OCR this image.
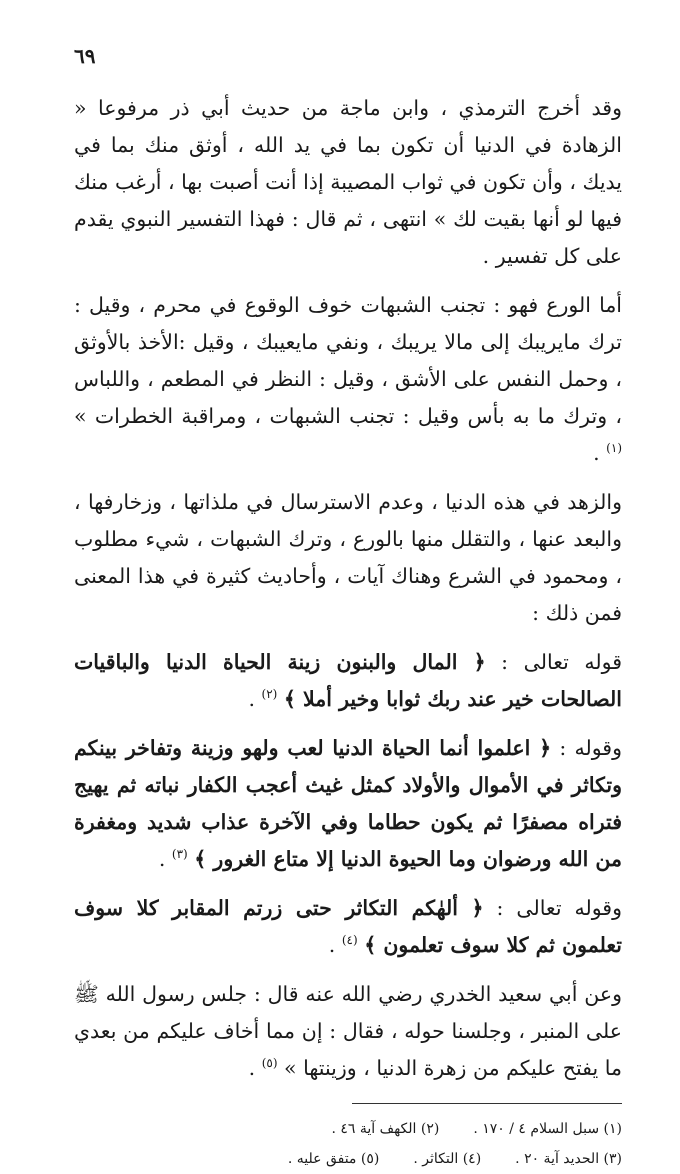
٦٩

وقد أخرج الترمذي ، وابن ماجة من حديث أبي ذر مرفوعا « الزهادة في الدنيا أن تكون بما في يد الله ، أوثق منك بما في يديك ، وأن تكون في ثواب المصيبة إذا أنت أصبت بها ، أرغب منك فيها لو أنها بقيت لك » انتهى ، ثم قال : فهذا التفسير النبوي يقدم على كل تفسير .

أما الورع فهو : تجنب الشبهات خوف الوقوع في محرم ، وقيل : ترك مايريبك إلى مالا يريبك ، ونفي مايعيبك ، وقيل :الأخذ بالأوثق ، وحمل النفس على الأشق ، وقيل : النظر في المطعم ، واللباس ، وترك ما به بأس وقيل : تجنب الشبهات ، ومراقبة الخطرات » $^{(١)}$ .

والزهد في هذه الدنيا ، وعدم الاسترسال في ملذاتها ، وزخارفها ، والبعد عنها ، والتقلل منها بالورع ، وترك الشبهات ، شيء مطلوب ، ومحمود في الشرع وهناك آيات ، وأحاديث كثيرة في هذا المعنى فمن ذلك :

قوله تعالى : ﴿ المال والبنون زينة الحياة الدنيا والباقيات الصالحات خير عند ربك ثوابا وخير أملا ﴾ $^{(٢)}$ .

وقوله : ﴿ اعلموا أنما الحياة الدنيا لعب ولهو وزينة وتفاخر بينكم وتكاثر في الأموال والأولاد كمثل غيث أعجب الكفار نباته ثم يهيج فتراه مصفرًا ثم يكون حطاما وفي الآخرة عذاب شديد ومغفرة من الله ورضوان وما الحيوة الدنيا إلا متاع الغرور ﴾ $^{(٣)}$ .

وقوله تعالى : ﴿ ألهٰكم التكاثر حتى زرتم المقابر كلا سوف تعلمون ثم كلا سوف تعلمون ﴾ $^{(٤)}$ .

وعن أبي سعيد الخدري رضي الله عنه قال : جلس رسول الله ﷺ على المنبر ، وجلسنا حوله ، فقال : إن مما أخاف عليكم من بعدي ما يفتح عليكم من زهرة الدنيا ، وزينتها » $^{(٥)}$ .

(١) سبل السلام ٤ / ١٧٠ .
(٢) الكهف آية ٤٦ .
(٣) الحديد آية ٢٠ .
(٤) التكاثر .
(٥) متفق عليه .
